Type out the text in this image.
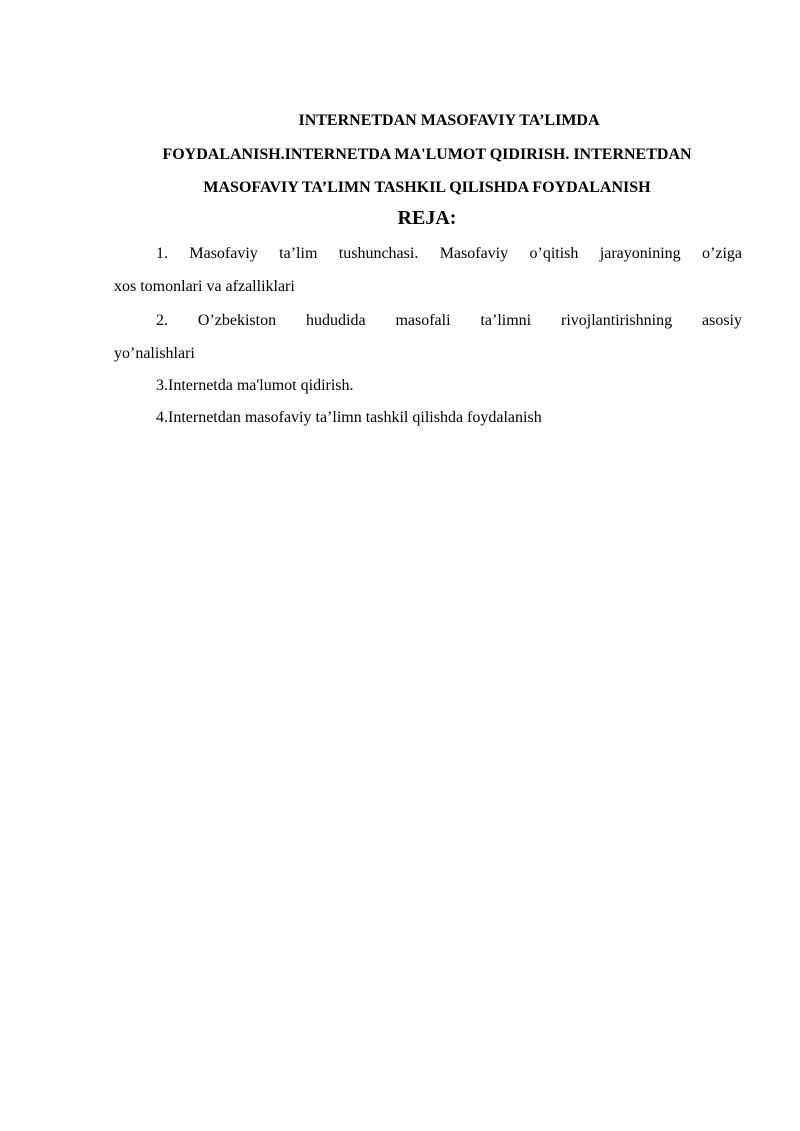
INTERNETDAN MASOFAVIY TA’LIMDA
FOYDALANISH.INTERNETDA MA'LUMOT QIDIRISH. INTERNETDAN
MASOFAVIY TA’LIMN TASHKIL QILISHDA FOYDALANISH
REJA:
1. Masofaviy ta’lim tushunchasi. Masofaviy o’qitish jarayonining o’ziga
xos tomonlari va afzalliklari
2. O’zbekiston hududida masofali ta’limni rivojlantirishning asosiy
yo’nalishlari
3.Internetda ma'lumot qidirish.
4.Internetdan masofaviy ta’limn tashkil qilishda foydalanish
